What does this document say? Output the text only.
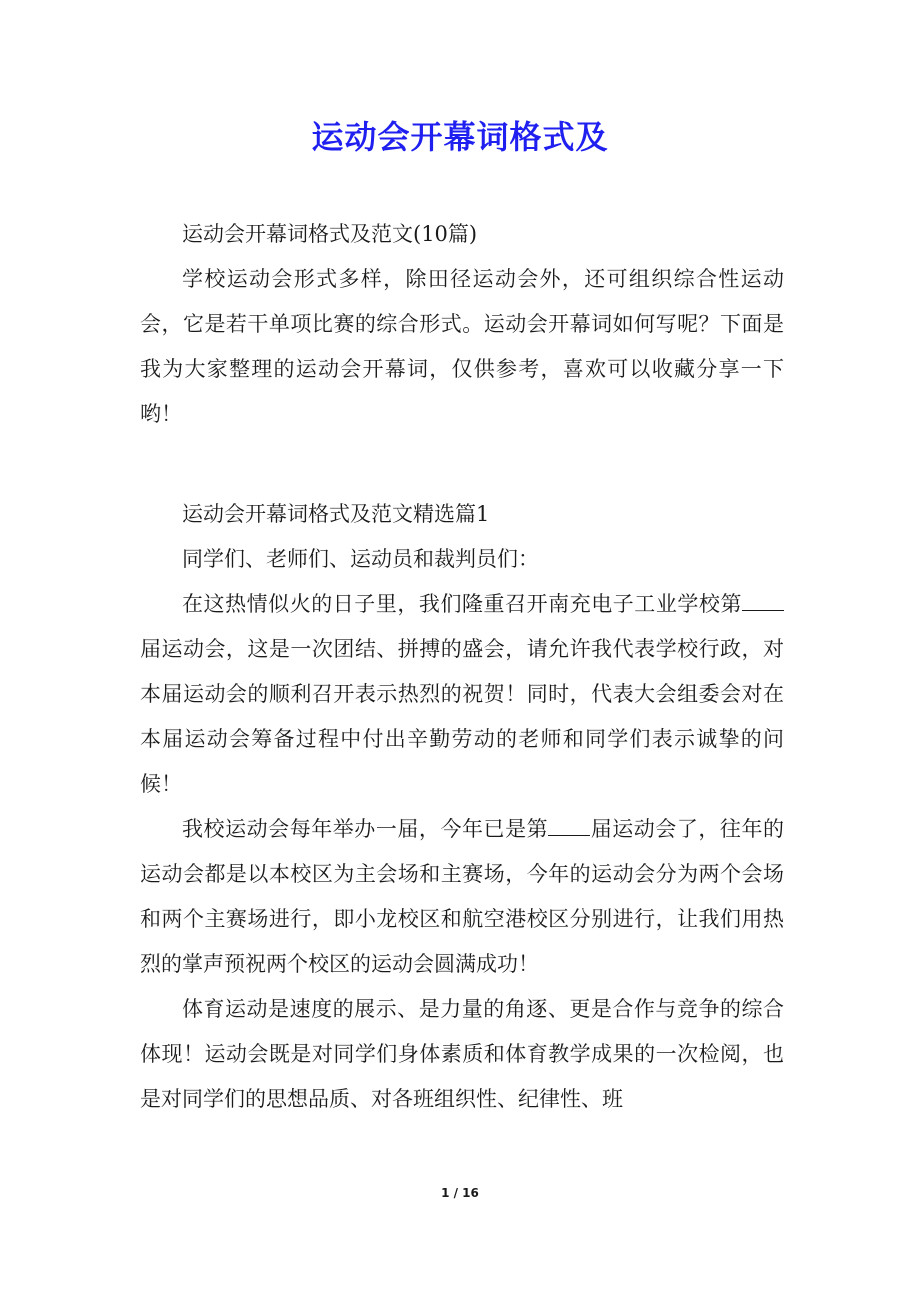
运动会开幕词格式及

运动会开幕词格式及范文(10篇)

学校运动会形式多样，除田径运动会外，还可组织综合性运动会，它是若干单项比赛的综合形式。运动会开幕词如何写呢？下面是我为大家整理的运动会开幕词，仅供参考，喜欢可以收藏分享一下哟！

运动会开幕词格式及范文精选篇1

同学们、老师们、运动员和裁判员们：

在这热情似火的日子里，我们隆重召开南充电子工业学校第届运动会，这是一次团结、拼搏的盛会，请允许我代表学校行政，对本届运动会的顺利召开表示热烈的祝贺！同时，代表大会组委会对在本届运动会筹备过程中付出辛勤劳动的老师和同学们表示诚挚的问候！

我校运动会每年举办一届，今年已是第 届运动会了，往年的运动会都是以本校区为主会场和主赛场，今年的运动会分为两个会场和两个主赛场进行，即小龙校区和航空港校区分别进行，让我们用热烈的掌声预祝两个校区的运动会圆满成功！

体育运动是速度的展示、是力量的角逐、更是合作与竞争的综合体现！运动会既是对同学们身体素质和体育教学成果的一次检阅，也是对同学们的思想品质、对各班组织性、纪律性、班

1 / 16
